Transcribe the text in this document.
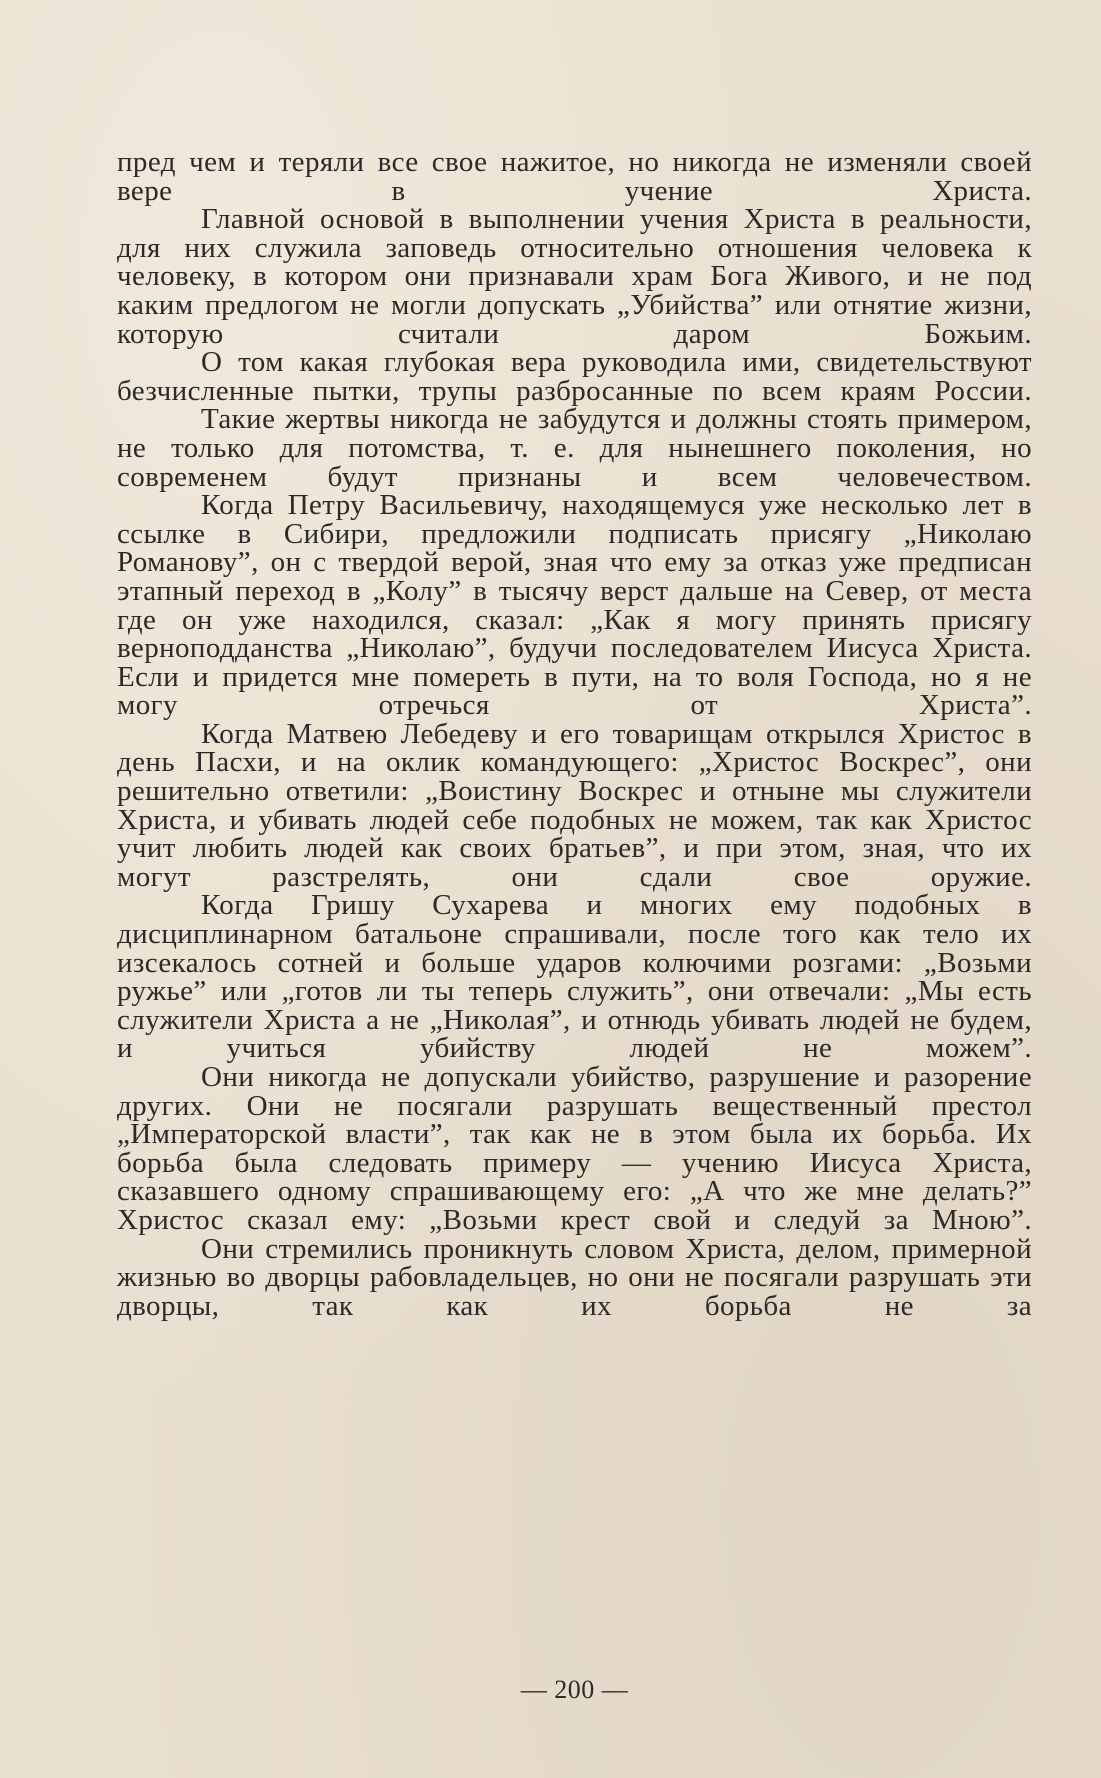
пред чем и теряли все свое нажитое, но никогда не изменяли своей вере в учение Христа.

Главной основой в выполнении учения Христа в реальности, для них служила заповедь относительно отношения человека к человеку, в котором они признавали храм Бога Живого, и не под каким предлогом не могли допускать „Убийства” или отнятие жизни, которую считали даром Божьим.

О том какая глубокая вера руководила ими, свидетельствуют безчисленные пытки, трупы разбросанные по всем краям России.

Такие жертвы никогда не забудутся и должны стоять примером, не только для потомства, т. е. для нынешнего поколения, но современем будут признаны и всем человечеством.

Когда Петру Васильевичу, находящемуся уже несколько лет в ссылке в Сибири, предложили подписать присягу „Николаю Романову”, он с твердой верой, зная что ему за отказ уже предписан этапный переход в „Колу” в тысячу верст дальше на Север, от места где он уже находился, сказал: „Как я могу принять присягу верноподданства „Николаю”, будучи последователем Иисуса Христа. Если и придется мне помереть в пути, на то воля Господа, но я не могу отречься от Христа”.

Когда Матвею Лебедеву и его товарищам открылся Христос в день Пасхи, и на оклик командующего: „Христос Воскрес”, они решительно ответили: „Воистину Воскрес и отныне мы служители Христа, и убивать людей себе подобных не можем, так как Христос учит любить людей как своих братьев”, и при этом, зная, что их могут разстрелять, они сдали свое оружие.

Когда Гришу Сухарева и многих ему подобных в дисциплинарном батальоне спрашивали, после того как тело их изсекалось сотней и больше ударов колючими розгами: „Возьми ружье” или „готов ли ты теперь служить”, они отвечали: „Мы есть служители Христа а не „Николая”, и отнюдь убивать людей не будем, и учиться убийству людей не можем”.

Они никогда не допускали убийство, разрушение и разорение других. Они не посягали разрушать вещественный престол „Императорской власти”, так как не в этом была их борьба. Их борьба была следовать примеру — учению Иисуса Христа, сказавшего одному спрашивающему его: „А что же мне делать?” Христос сказал ему: „Возьми крест свой и следуй за Мною”.

Они стремились проникнуть словом Христа, делом, примерной жизнью во дворцы рабовладельцев, но они не посягали разрушать эти дворцы, так как их борьба не за

— 200 —
